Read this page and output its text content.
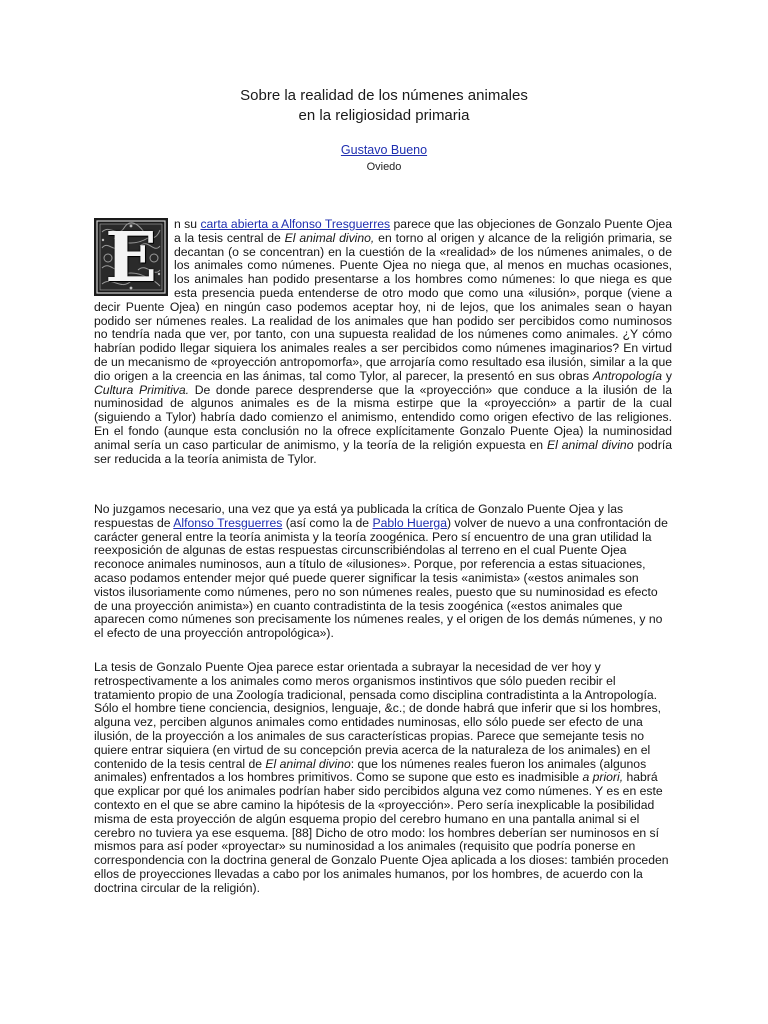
Sobre la realidad de los númenes animales
en la religiosidad primaria
Gustavo Bueno
Oviedo
E	n su carta abierta a Alfonso Tresguerres parece que las objeciones de Gonzalo Puente Ojea a la tesis central de El animal divino, en torno al origen y alcance de la religión primaria, se decantan (o se concentran) en la cuestión de la «realidad» de los númenes animales, o de los animales como númenes. Puente Ojea no niega que, al menos en muchas ocasiones, los animales han podido presentarse a los hombres como númenes: lo que niega es que esta presencia pueda entenderse de otro modo que como una «ilusión», porque (viene a decir Puente Ojea) en ningún caso podemos aceptar hoy, ni de lejos, que los animales sean o hayan podido ser númenes reales. La realidad de los animales que han podido ser percibidos como numinosos no tendría nada que ver, por tanto, con una supuesta realidad de los númenes como animales. ¿Y cómo habrían podido llegar siquiera los animales reales a ser percibidos como númenes imaginarios? En virtud de un mecanismo de «proyección antropomorfa», que arrojaría como resultado esa ilusión, similar a la que dio origen a la creencia en las ánimas, tal como Tylor, al parecer, la presentó en sus obras Antropología y Cultura Primitiva. De donde parece desprenderse que la «proyección» que conduce a la ilusión de la numinosidad de algunos animales es de la misma estirpe que la «proyección» a partir de la cual (siguiendo a Tylor) habría dado comienzo el animismo, entendido como origen efectivo de las religiones. En el fondo (aunque esta conclusión no la ofrece explícitamente Gonzalo Puente Ojea) la numinosidad animal sería un caso particular de animismo, y la teoría de la religión expuesta en El animal divino podría ser reducida a la teoría animista de Tylor.

No juzgamos necesario, una vez que ya está ya publicada la crítica de Gonzalo Puente Ojea y las respuestas de Alfonso Tresguerres (así como la de Pablo Huerga) volver de nuevo a una confrontación de carácter general entre la teoría animista y la teoría zoogénica. Pero sí encuentro de una gran utilidad la reexposición de algunas de estas respuestas circunscribiéndolas al terreno en el cual Puente Ojea reconoce animales numinosos, aun a título de «ilusiones». Porque, por referencia a estas situaciones, acaso podamos entender mejor qué puede querer significar la tesis «animista» («estos animales son vistos ilusoriamente como númenes, pero no son númenes reales, puesto que su numinosidad es efecto de una proyección animista») en cuanto contradistinta de la tesis zoogénica («estos animales que aparecen como númenes son precisamente los númenes reales, y el origen de los demás númenes, y no el efecto de una proyección antropológica»).

La tesis de Gonzalo Puente Ojea parece estar orientada a subrayar la necesidad de ver hoy y retrospectivamente a los animales como meros organismos instintivos que sólo pueden recibir el tratamiento propio de una Zoología tradicional, pensada como disciplina contradistinta a la Antropología. Sólo el hombre tiene conciencia, designios, lenguaje, &c.; de donde habrá que inferir que si los hombres, alguna vez, perciben algunos animales como entidades numinosas, ello sólo puede ser efecto de una ilusión, de la proyección a los animales de sus características propias. Parece que semejante tesis no quiere entrar siquiera (en virtud de su concepción previa acerca de la naturaleza de los animales) en el contenido de la tesis central de El animal divino: que los númenes reales fueron los animales (algunos animales) enfrentados a los hombres primitivos. Como se supone que esto es inadmisible a priori, habrá que explicar por qué los animales podrían haber sido percibidos alguna vez como númenes. Y es en este contexto en el que se abre camino la hipótesis de la «proyección». Pero sería inexplicable la posibilidad misma de esta proyección de algún esquema propio del cerebro humano en una pantalla animal si el cerebro no tuviera ya ese esquema. [88] Dicho de otro modo: los hombres deberían ser numinosos en sí mismos para así poder «proyectar» su numinosidad a los animales (requisito que podría ponerse en correspondencia con la doctrina general de Gonzalo Puente Ojea aplicada a los dioses: también proceden ellos de proyecciones llevadas a cabo por los animales humanos, por los hombres, de acuerdo con la doctrina circular de la religión).
